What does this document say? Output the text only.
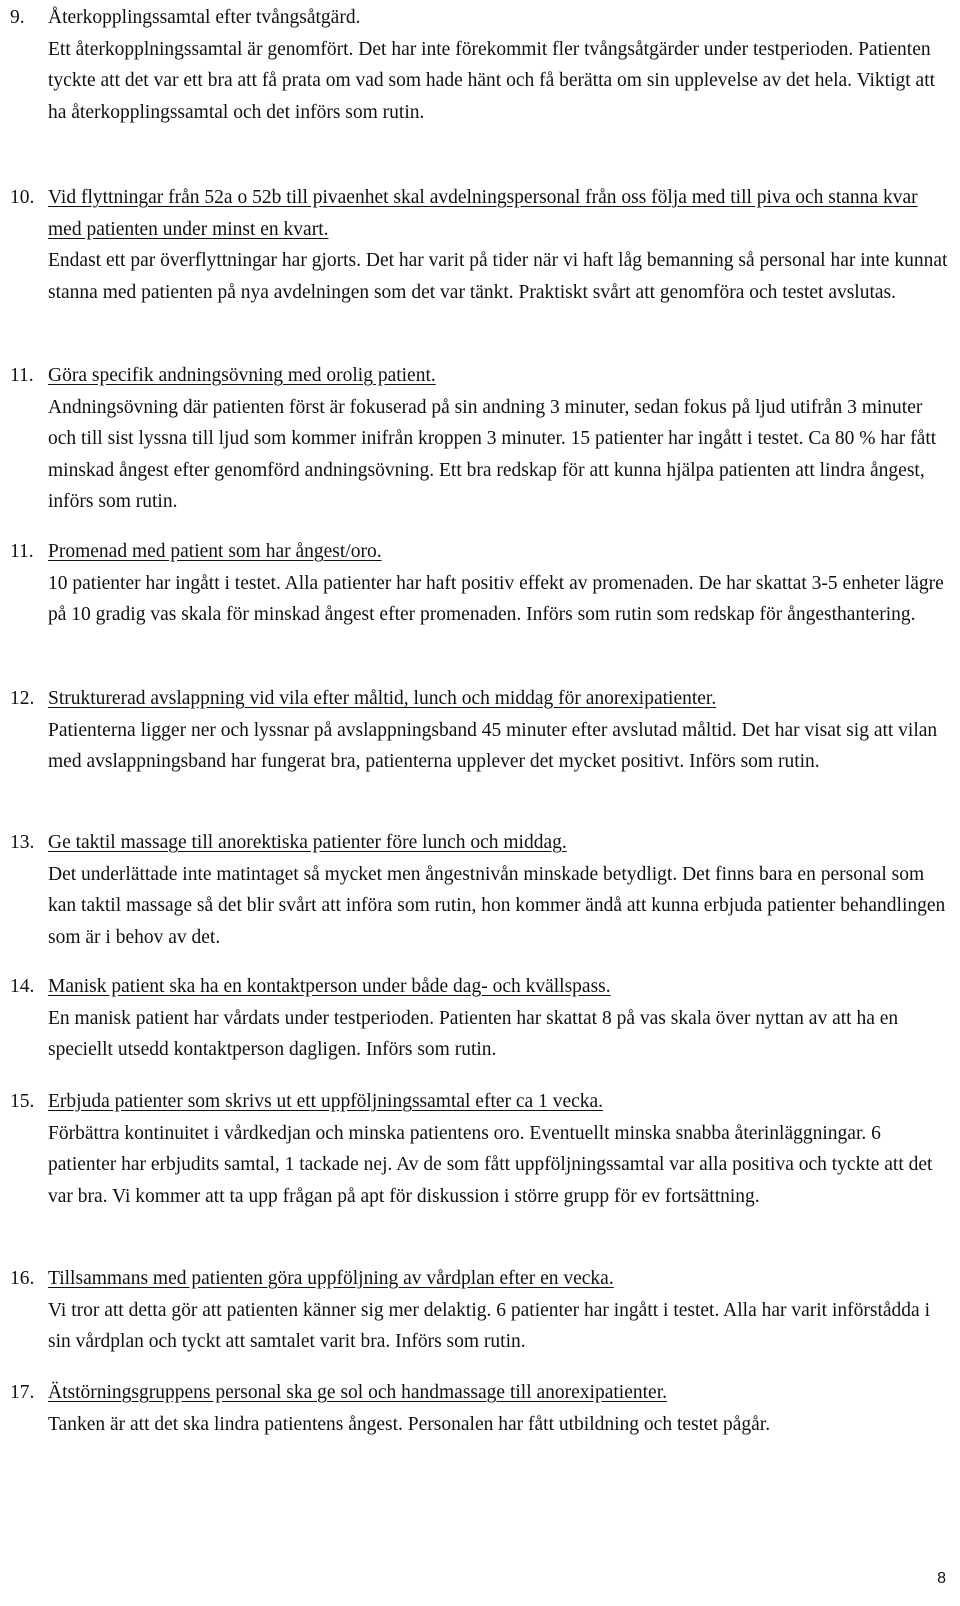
9.	Återkopplingssamtal efter tvångsåtgärd.
Ett återkopplningssamtal är genomfört. Det har inte förekommit fler tvångsåtgärder under testperioden. Patienten tyckte att det var ett bra att få prata om vad som hade hänt och få berätta om sin upplevelse av det hela. Viktigt att ha återkopplingssamtal och det införs som rutin.
10. Vid flyttningar från 52a o 52b till pivaenhet skal avdelningspersonal från oss följa med till piva och stanna kvar med patienten under minst en kvart.
Endast ett par överflyttningar har gjorts. Det har varit på tider när vi haft låg bemanning så personal har inte kunnat stanna med patienten på nya avdelningen som det var tänkt. Praktiskt svårt att genomföra och testet avslutas.
11. Göra specifik andningsövning med orolig patient.
Andningsövning där patienten först är fokuserad på sin andning 3 minuter, sedan fokus på ljud utifrån 3 minuter och till sist lyssna till ljud som kommer inifrån kroppen 3 minuter. 15 patienter har ingått i testet. Ca 80 % har fått minskad ångest efter genomförd andningsövning. Ett bra redskap för att kunna hjälpa patienten att lindra ångest, införs som rutin.
11. Promenad med patient som har ångest/oro.
10 patienter har ingått i testet. Alla patienter har haft positiv effekt av promenaden. De har skattat 3-5 enheter lägre på 10 gradig vas skala för minskad ångest efter promenaden. Införs som rutin som redskap för ångesthantering.
12. Strukturerad avslappning vid vila efter måltid, lunch och middag för anorexipatienter.
Patienterna ligger ner och lyssnar på avslappningsband 45 minuter efter avslutad måltid. Det har visat sig att vilan med avslappningsband har fungerat bra, patienterna upplever det mycket positivt. Införs som rutin.
13. Ge taktil massage till anorektiska patienter före lunch och middag.
Det underlättade inte matintaget så mycket men ångestnivån minskade betydligt. Det finns bara en personal som kan taktil massage så det blir svårt att införa som rutin, hon kommer ändå att kunna erbjuda patienter behandlingen som är i behov av det.
14. Manisk patient ska ha en kontaktperson under både dag- och kvällspass.
En manisk patient har vårdats under testperioden. Patienten har skattat 8 på vas skala över nyttan av att ha en speciellt utsedd kontaktperson dagligen. Införs som rutin.
15. Erbjuda patienter som skrivs ut ett uppföljningssamtal efter ca 1 vecka.
Förbättra kontinuitet i vårdkedjan och minska patientens oro. Eventuellt minska snabba återinläggningar. 6 patienter har erbjudits samtal, 1 tackade nej. Av de som fått uppföljningssamtal var alla positiva och tyckte att det var bra. Vi kommer att ta upp frågan på apt för diskussion i större grupp för ev fortsättning.
16. Tillsammans med patienten göra uppföljning av vårdplan efter en vecka.
Vi tror att detta gör att patienten känner sig mer delaktig. 6 patienter har ingått i testet. Alla har varit införstådda i sin vårdplan och tyckt att samtalet varit bra. Införs som rutin.
17. Ätstörningsgruppens personal ska ge sol och handmassage till anorexipatienter.
Tanken är att det ska lindra patientens ångest. Personalen har fått utbildning och testet pågår.
8
